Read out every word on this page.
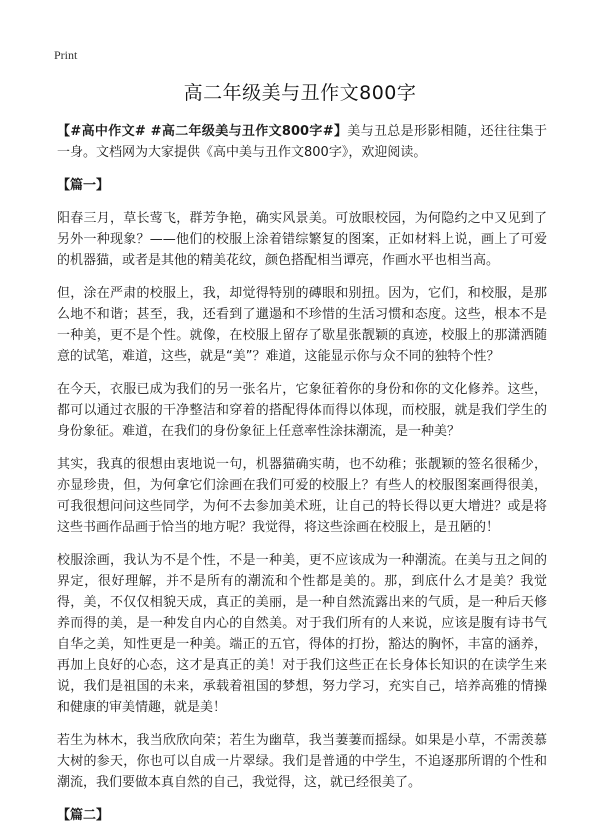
Print
高二年级美与丑作文800字

【#高中作文# #高二年级美与丑作文800字#】美与丑总是形影相随，还往往集于一身。文档网为大家提供《高中美与丑作文800字》，欢迎阅读。

【篇一】

阳春三月，草长莺飞，群芳争艳，确实风景美。可放眼校园，为何隐约之中又见到了另外一种现象？——他们的校服上涂着错综繁复的图案，正如材料上说，画上了可爱的机器猫，或者是其他的精美花纹，颜色搭配相当谭亮，作画水平也相当高。

但，涂在严肃的校服上，我，却觉得特别的磚眼和别扭。因为，它们，和校服，是那么地不和谐；甚至，我，还看到了邋遢和不珍惜的生活习惯和态度。这些，根本不是一种美，更不是个性。就像，在校服上留存了歇星张靓颖的真迹，校服上的那潇洒随意的试笔，难道，这些，就是“美”？难道，这能显示你与众不同的独特个性？

在今天，衣服已成为我们的另一张名片，它象征着你的身份和你的文化修养。这些，都可以通过衣服的干净整洁和穿着的搭配得体而得以体现，而校服，就是我们学生的身份象征。难道，在我们的身份象征上任意率性涂抹潮流，是一种美？

其实，我真的很想由衷地说一句，机器猫确实萌，也不幼稚；张靓颖的签名很稀少，亦显珍贵，但，为何拿它们涂画在我们可爱的校服上？有些人的校服图案画得很美，可我很想问问这些同学，为何不去参加美术班，让自己的特长得以更大增进？或是将这些书画作品画于恰当的地方呢？我觉得，将这些涂画在校服上，是丑陋的！

校服涂画，我认为不是个性，不是一种美，更不应该成为一种潮流。在美与丑之间的界定，很好理解，并不是所有的潮流和个性都是美的。那，到底什么才是美？我觉得，美，不仅仅相貌天成，真正的美丽，是一种自然流露出来的气质，是一种后天修养而得的美，是一种发自内心的自然美。对于我们所有的人来说，应该是腹有诗书气自华之美，知性更是一种美。端正的五官，得体的打扮，豁达的胸怀，丰富的涵养，再加上良好的心态，这才是真正的美！对于我们这些正在长身体长知识的在读学生来说，我们是祖国的未来，承载着祖国的梦想，努力学习，充实自己，培养高雅的情操和健康的审美情趣，就是美！

若生为林木，我当欣欣向荣；若生为幽草，我当萋萋而摇绿。如果是小草，不需羡慕大树的参天，你也可以自成一片翠绿。我们是普通的中学生，不追逐那所谓的个性和潮流，我们要做本真自然的自己，我觉得，这，就已经很美了。

【篇二】
